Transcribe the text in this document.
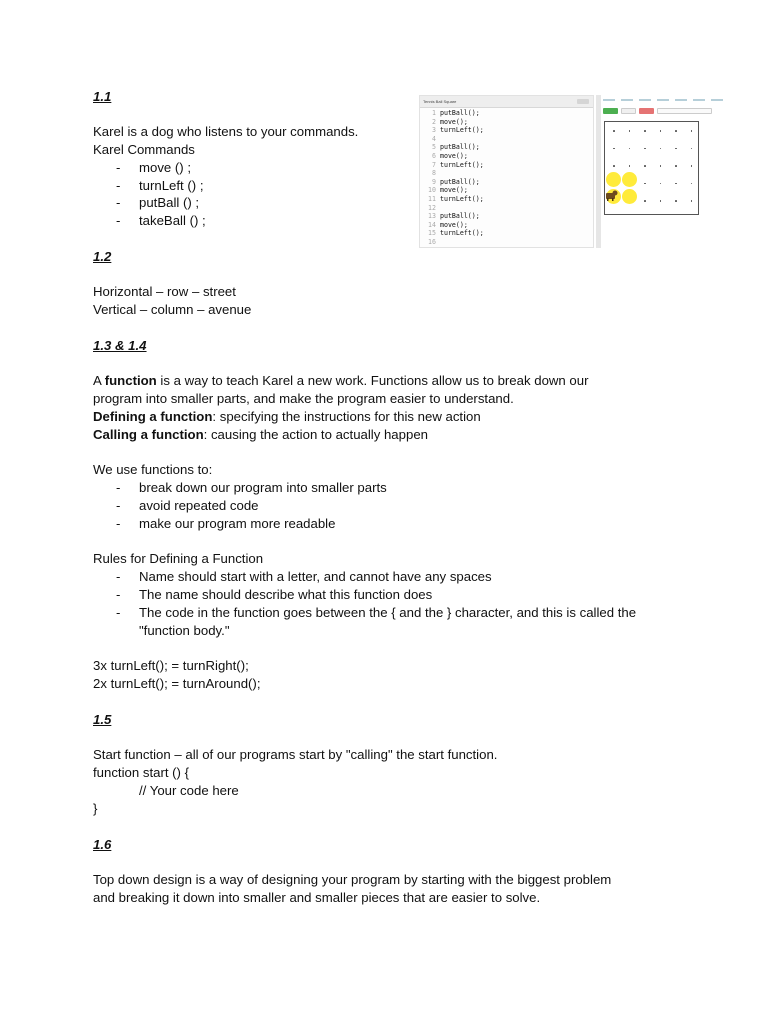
1.1
Karel is a dog who listens to your commands.
Karel Commands
- move () ;
- turnLeft () ;
- putBall () ;
- takeBall () ;
1.2
Horizontal – row – street
Vertical – column – avenue
1.3 & 1.4
A function is a way to teach Karel a new work. Functions allow us to break down our
program into smaller parts, and make the program easier to understand.
Defining a function: specifying the instructions for this new action
Calling a function: causing the action to actually happen
We use functions to:
- break down our program into smaller parts
- avoid repeated code
- make our program more readable
Rules for Defining a Function
- Name should start with a letter, and cannot have any spaces
- The name should describe what this function does
- The code in the function goes between the { and the } character, and this is called the
"function body."
3x turnLeft(); = turnRight();
2x turnLeft(); = turnAround();
1.5
Start function – all of our programs start by "calling" the start function.
function start () {
// Your code here
}
1.6
Top down design is a way of designing your program by starting with the biggest problem
and breaking it down into smaller and smaller pieces that are easier to solve.
Tennis Ball Square
1 putBall();
2 move();
3 turnLeft();
4
5 putBall();
6 move();
7 turnLeft();
8
9 putBall();
10 move();
11 turnLeft();
12
13 putBall();
14 move();
15 turnLeft();
16
